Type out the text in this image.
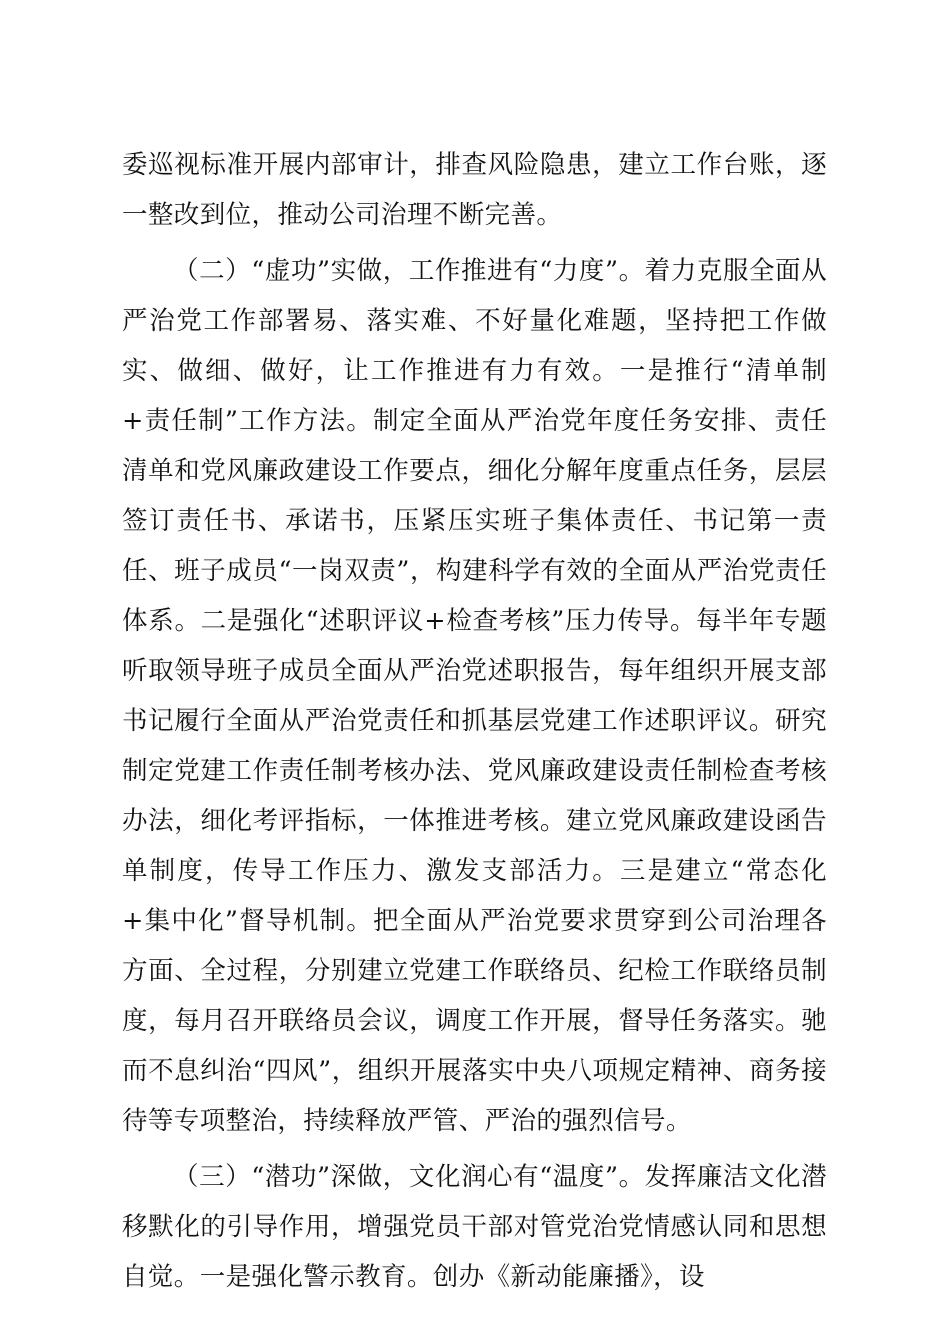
委巡视标准开展内部审计，排查风险隐患，建立工作台账，逐一整改到位，推动公司治理不断完善。

（二）“虚功”实做，工作推进有“力度”。着力克服全面从严治党工作部署易、落实难、不好量化难题，坚持把工作做实、做细、做好，让工作推进有力有效。一是推行“清单制+责任制”工作方法。制定全面从严治党年度任务安排、责任清单和党风廉政建设工作要点，细化分解年度重点任务，层层签订责任书、承诺书，压紧压实班子集体责任、书记第一责任、班子成员“一岗双责”，构建科学有效的全面从严治党责任体系。二是强化“述职评议+检查考核”压力传导。每半年专题听取领导班子成员全面从严治党述职报告，每年组织开展支部书记履行全面从严治党责任和抓基层党建工作述职评议。研究制定党建工作责任制考核办法、党风廉政建设责任制检查考核办法，细化考评指标，一体推进考核。建立党风廉政建设函告单制度，传导工作压力、激发支部活力。三是建立“常态化+集中化”督导机制。把全面从严治党要求贯穿到公司治理各方面、全过程，分别建立党建工作联络员、纪检工作联络员制度，每月召开联络员会议，调度工作开展，督导任务落实。驰而不息纠治“四风”，组织开展落实中央八项规定精神、商务接待等专项整治，持续释放严管、严治的强烈信号。

（三）“潜功”深做，文化润心有“温度”。发挥廉洁文化潜移默化的引导作用，增强党员干部对管党治党情感认同和思想自觉。一是强化警示教育。创办《新动能廉播》，设
